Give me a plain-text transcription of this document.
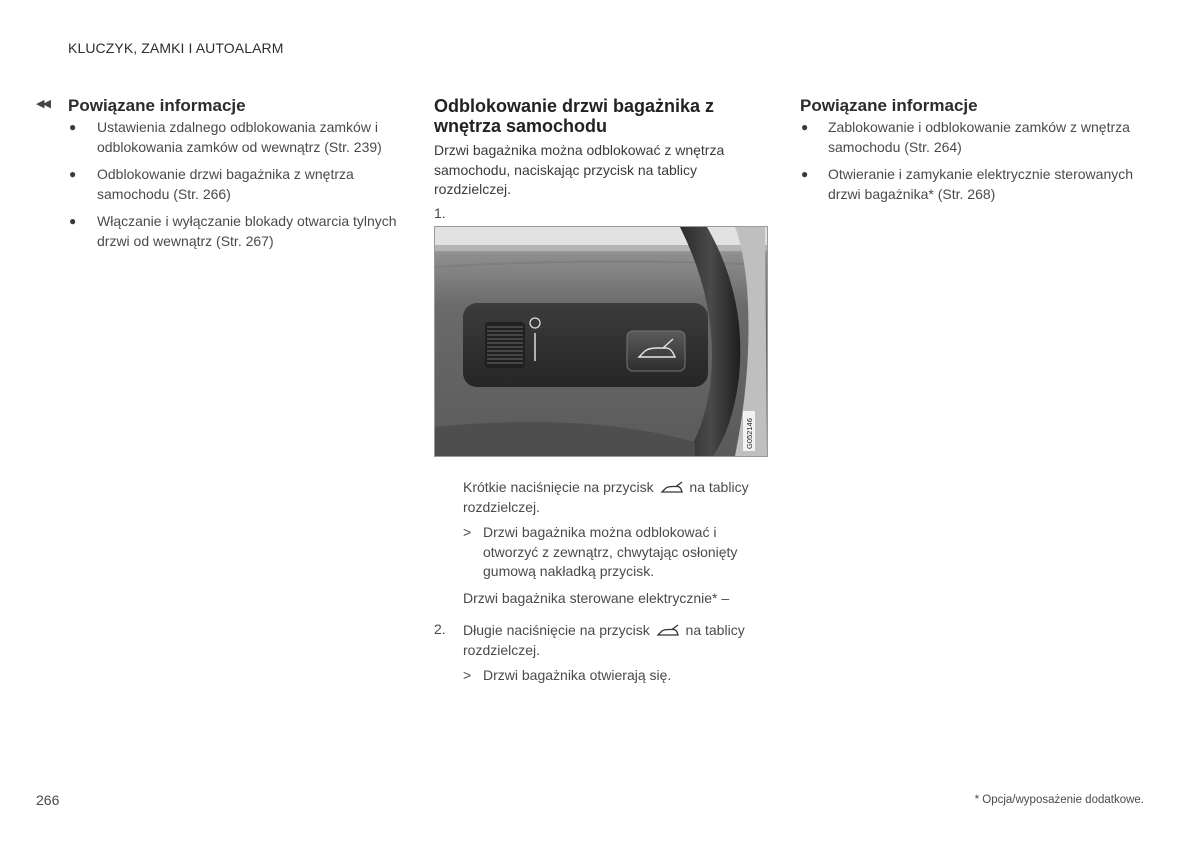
KLUCZYK, ZAMKI I AUTOALARM
◀◀ Powiązane informacje
● Ustawienia zdalnego odblokowania zamków i odblokowania zamków od wewnątrz (Str. 239)
● Odblokowanie drzwi bagażnika z wnętrza samochodu (Str. 266)
● Włączanie i wyłączanie blokady otwarcia tylnych drzwi od wewnątrz (Str. 267)
Odblokowanie drzwi bagażnika z wnętrza samochodu

Drzwi bagażnika można odblokować z wnętrza samochodu, naciskając przycisk na tablicy rozdzielczej.

1.
G052146
Krótkie naciśnięcie na przycisk	na tablicy rozdzielczej.
> Drzwi bagażnika można odblokować i otworzyć z zewnątrz, chwytając osłonięty gumową nakładką przycisk.
Drzwi bagażnika sterowane elektrycznie* –
2. Długie naciśnięcie na przycisk	na tablicy rozdzielczej.
> Drzwi bagażnika otwierają się.
Powiązane informacje
● Zablokowanie i odblokowanie zamków z wnętrza samochodu (Str. 264)
● Otwieranie i zamykanie elektrycznie sterowanych drzwi bagażnika* (Str. 268)
266	* Opcja/wyposażenie dodatkowe.
